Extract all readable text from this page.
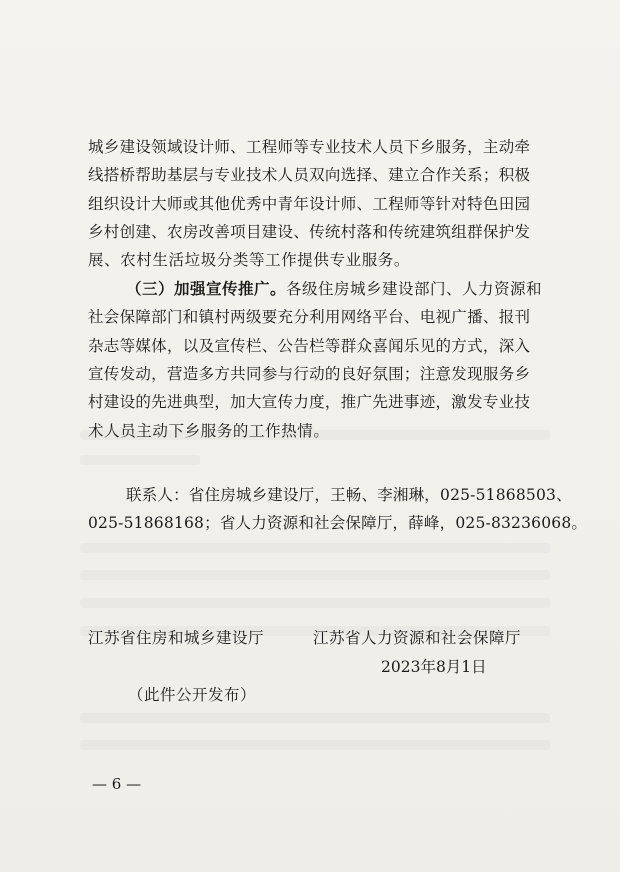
城乡建设领域设计师、工程师等专业技术人员下乡服务，主动牵
线搭桥帮助基层与专业技术人员双向选择、建立合作关系；积极
组织设计大师或其他优秀中青年设计师、工程师等针对特色田园
乡村创建、农房改善项目建设、传统村落和传统建筑组群保护发
展、农村生活垃圾分类等工作提供专业服务。
（三）加强宣传推广。各级住房城乡建设部门、人力资源和
社会保障部门和镇村两级要充分利用网络平台、电视广播、报刊
杂志等媒体，以及宣传栏、公告栏等群众喜闻乐见的方式，深入
宣传发动，营造多方共同参与行动的良好氛围；注意发现服务乡
村建设的先进典型，加大宣传力度，推广先进事迹，激发专业技
术人员主动下乡服务的工作热情。
联系人：省住房城乡建设厅，王畅、李湘琳，025-51868503、
025-51868168；省人力资源和社会保障厅，薛峰，025-83236068。
江苏省住房和城乡建设厅	江苏省人力资源和社会保障厅
2023年8月1日
（此件公开发布）
— 6 —
